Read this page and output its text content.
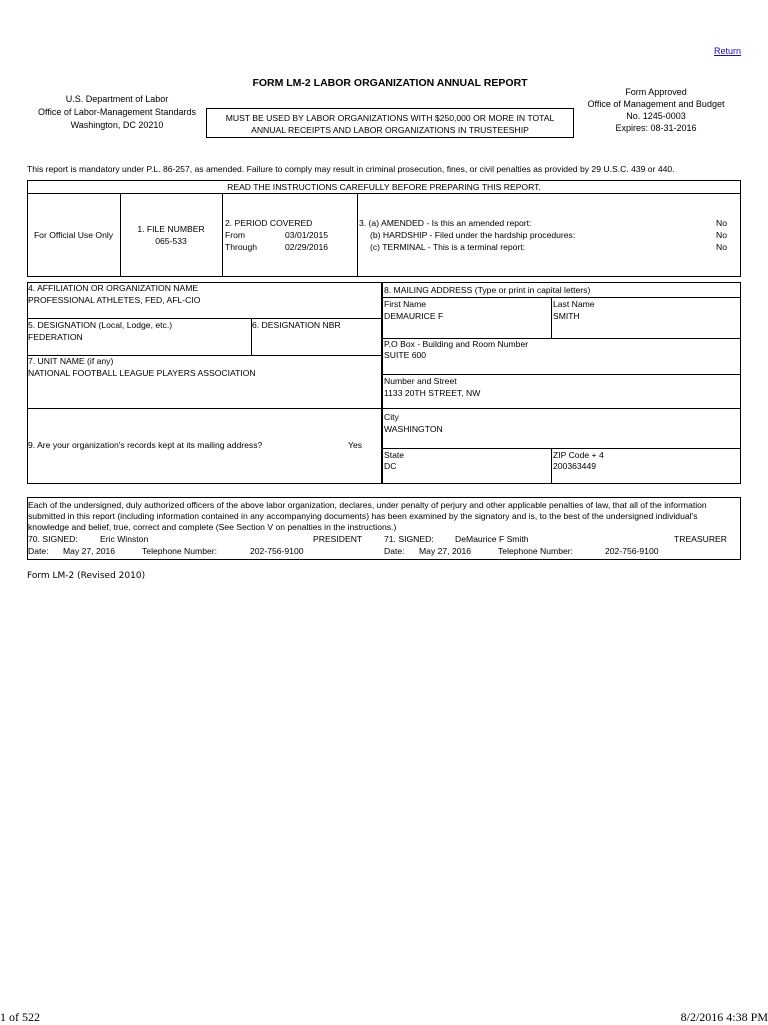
Return
FORM LM-2 LABOR ORGANIZATION ANNUAL REPORT
U.S. Department of Labor
Office of Labor-Management Standards
Washington, DC 20210
Form Approved
Office of Management and Budget
No. 1245-0003
Expires: 08-31-2016
MUST BE USED BY LABOR ORGANIZATIONS WITH $250,000 OR MORE IN TOTAL
ANNUAL RECEIPTS AND LABOR ORGANIZATIONS IN TRUSTEESHIP
This report is mandatory under P.L. 86-257, as amended. Failure to comply may result in criminal prosecution, fines, or civil penalties as provided by 29 U.S.C. 439 or 440.
READ THE INSTRUCTIONS CAREFULLY BEFORE PREPARING THIS REPORT.
For Official Use Only
1. FILE NUMBER
065-533
2. PERIOD COVERED
From	03/01/2015
Through	02/29/2016
3. (a) AMENDED - Is this an amended report:	No
(b) HARDSHIP - Filed under the hardship procedures:	No
(c) TERMINAL - This is a terminal report:	No
4. AFFILIATION OR ORGANIZATION NAME
PROFESSIONAL ATHLETES, FED, AFL-CIO
5. DESIGNATION (Local, Lodge, etc.)
FEDERATION
6. DESIGNATION NBR
7. UNIT NAME (if any)
NATIONAL FOOTBALL LEAGUE PLAYERS ASSOCIATION
9. Are your organization's records kept at its mailing address?	Yes
8. MAILING ADDRESS (Type or print in capital letters)
First Name
DEMAURICE F
Last Name
SMITH
P.O Box - Building and Room Number
SUITE 600
Number and Street
1133 20TH STREET, NW
City
WASHINGTON
State
DC
ZIP Code + 4
200363449
Each of the undersigned, duly authorized officers of the above labor organization, declares, under penalty of perjury and other applicable penalties of law, that all of the information submitted in this report (including information contained in any accompanying documents) has been examined by the signatory and is, to the best of the undersigned individual's knowledge and belief, true, correct and complete (See Section V on penalties in the instructions.)
70. SIGNED:	Eric Winston	PRESIDENT
Date: May 27, 2016	Telephone Number:	202-756-9100
71. SIGNED: DeMaurice F Smith	TREASURER
Date: May 27, 2016	Telephone Number:	202-756-9100
Form LM-2 (Revised 2010)
1 of 522	8/2/2016 4:38 PM
